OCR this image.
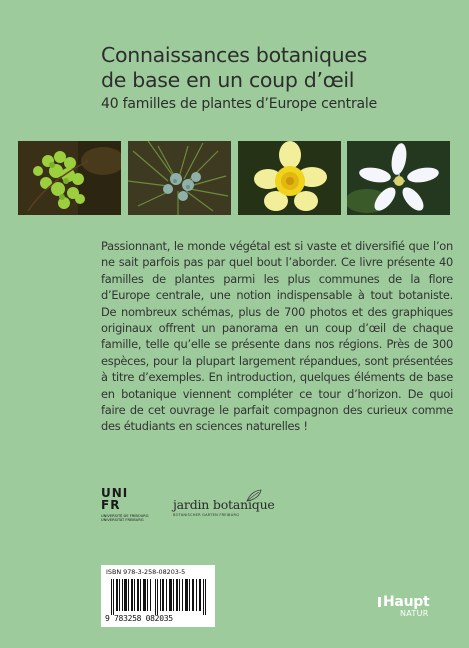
Connaissances botaniques
de base en un coup d’œil
40 familles de plantes d’Europe centrale
Passionnant, le monde végétal est si vaste et diversifié que l’on ne sait parfois pas par quel bout l’aborder. Ce livre présente 40 familles de plantes parmi les plus communes de la flore d’Europe centrale, une notion indispensable à tout botaniste. De nombreux schémas, plus de 700 photos et des graphiques originaux offrent un panorama en un coup d’œil de chaque famille, telle qu’elle se présente dans nos régions. Près de 300 espèces, pour la plupart largement répandues, sont présentées à titre d’exemples. En introduction, quelques éléments de base en botanique viennent compléter ce tour d’horizon. De quoi faire de cet ouvrage le parfait compagnon des curieux comme des étudiants en sciences naturelles !
UNI
FR
UNIVERSITÉ DE FRIBOURG
UNIVERSITÄT FREIBURG
jardin botanique
BOTANISCHER GARTEN FREIBURG
ISBN 978-3-258-08203-5
9 783258 082035
Haupt
NATUR
